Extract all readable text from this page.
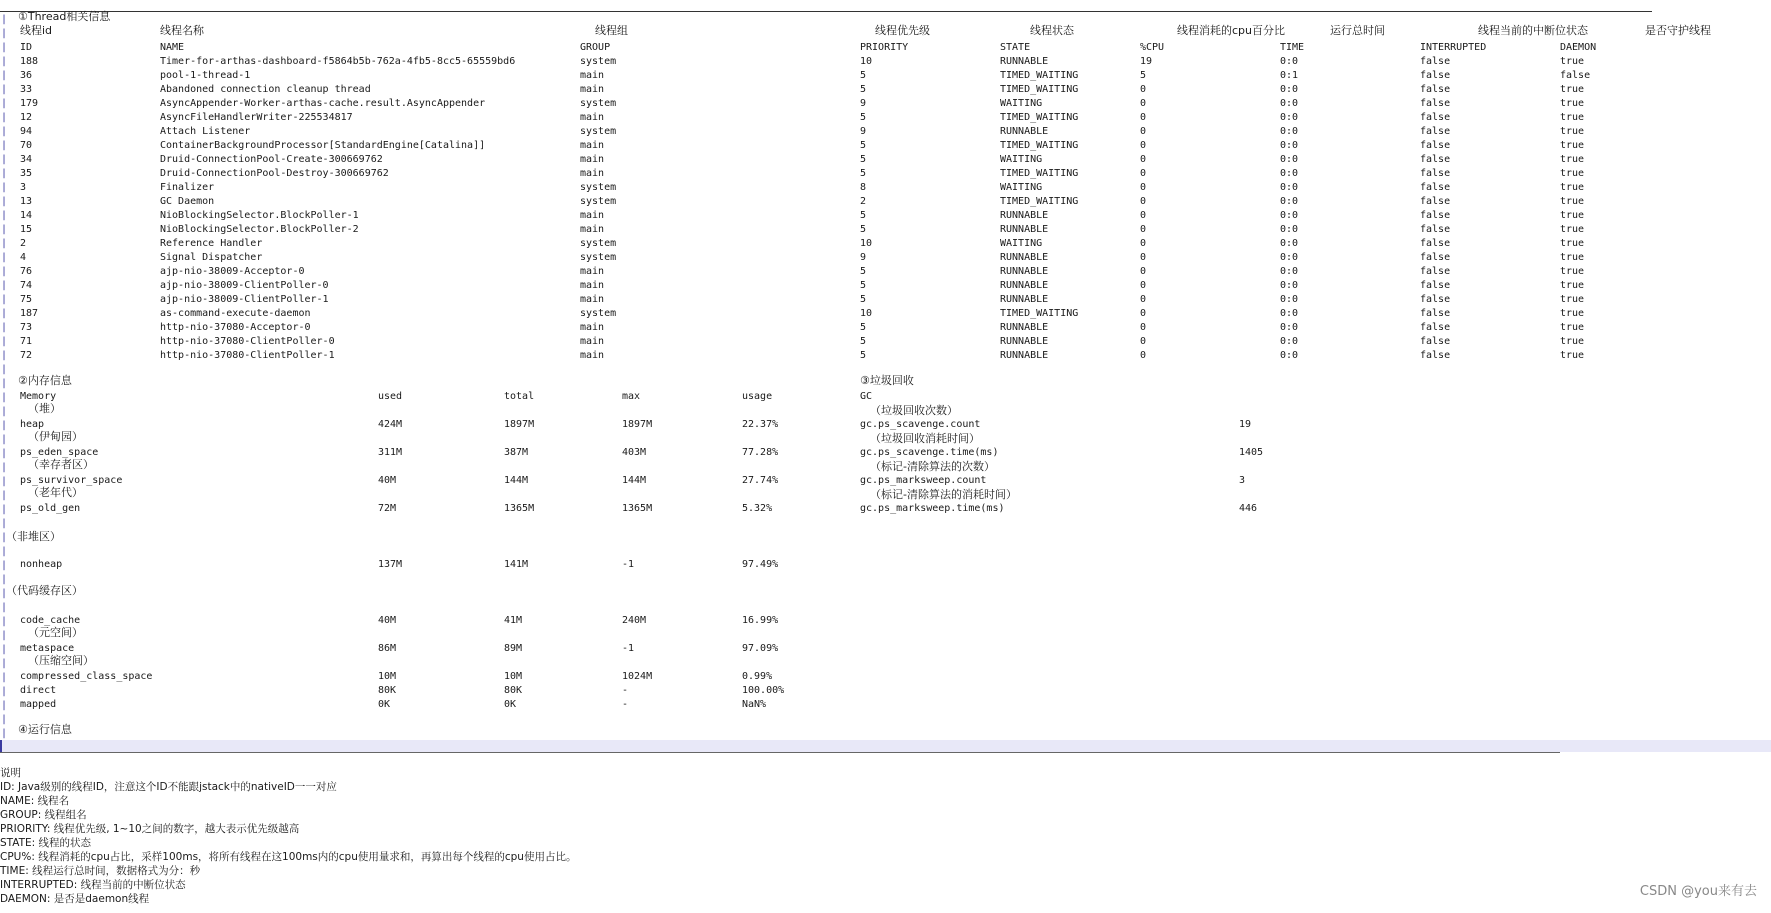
①Thread相关信息
线程id	线程名称	线程组	线程优先级	线程状态	线程消耗的cpu百分比	运行总时间	线程当前的中断位状态	是否守护线程
ID	NAME	GROUP	PRIORITY	STATE	%CPU	TIME	INTERRUPTED	DAEMON
188	Timer-for-arthas-dashboard-f5864b5b-762a-4fb5-8cc5-65559bd6	system	10	RUNNABLE	19	0:0	false	true
36	pool-1-thread-1	main	5	TIMED_WAITING	5	0:1	false	false
33	Abandoned connection cleanup thread	main	5	TIMED_WAITING	0	0:0	false	true
179	AsyncAppender-Worker-arthas-cache.result.AsyncAppender	system	9	WAITING	0	0:0	false	true
12	AsyncFileHandlerWriter-225534817	main	5	TIMED_WAITING	0	0:0	false	true
94	Attach Listener	system	9	RUNNABLE	0	0:0	false	true
70	ContainerBackgroundProcessor[StandardEngine[Catalina]]	main	5	TIMED_WAITING	0	0:0	false	true
34	Druid-ConnectionPool-Create-300669762	main	5	WAITING	0	0:0	false	true
35	Druid-ConnectionPool-Destroy-300669762	main	5	TIMED_WAITING	0	0:0	false	true
3	Finalizer	system	8	WAITING	0	0:0	false	true
13	GC Daemon	system	2	TIMED_WAITING	0	0:0	false	true
14	NioBlockingSelector.BlockPoller-1	main	5	RUNNABLE	0	0:0	false	true
15	NioBlockingSelector.BlockPoller-2	main	5	RUNNABLE	0	0:0	false	true
2	Reference Handler	system	10	WAITING	0	0:0	false	true
4	Signal Dispatcher	system	9	RUNNABLE	0	0:0	false	true
76	ajp-nio-38009-Acceptor-0	main	5	RUNNABLE	0	0:0	false	true
74	ajp-nio-38009-ClientPoller-0	main	5	RUNNABLE	0	0:0	false	true
75	ajp-nio-38009-ClientPoller-1	main	5	RUNNABLE	0	0:0	false	true
187	as-command-execute-daemon	system	10	TIMED_WAITING	0	0:0	false	true
73	http-nio-37080-Acceptor-0	main	5	RUNNABLE	0	0:0	false	true
71	http-nio-37080-ClientPoller-0	main	5	RUNNABLE	0	0:0	false	true
72	http-nio-37080-ClientPoller-1	main	5	RUNNABLE	0	0:0	false	true
②内存信息
Memory	used	total	max	usage
（堆）
heap	424M	1897M	1897M	22.37%
（伊甸园）
ps_eden_space	311M	387M	403M	77.28%
（幸存者区）
ps_survivor_space	40M	144M	144M	27.74%
（老年代）
ps_old_gen	72M	1365M	1365M	5.32%
（非堆区）
nonheap	137M	141M	-1	97.49%
（代码缓存区）
code_cache	40M	41M	240M	16.99%
（元空间）
metaspace	86M	89M	-1	97.09%
（压缩空间）
compressed_class_space	10M	10M	1024M	0.99%
direct	80K	80K	-	100.00%
mapped	0K	0K	-	NaN%
③垃圾回收
GC
（垃圾回收次数）
gc.ps_scavenge.count	19
（垃圾回收消耗时间）
gc.ps_scavenge.time(ms)	1405
（标记-清除算法的次数）
gc.ps_marksweep.count	3
（标记-清除算法的消耗时间）
gc.ps_marksweep.time(ms)	446
④运行信息
|
|
|
|
|
|
|
|
|
|
|
|
|
|
|
|
|
|
|
|
|
|
|
|
|
|
|
|
|
|
|
|
|
|
|
|
|
|
|
|
|
|
|
|
|
|
|
|
|
|
|
|
说明
ID: Java级别的线程ID，注意这个ID不能跟jstack中的nativeID一一对应
NAME: 线程名
GROUP: 线程组名
PRIORITY: 线程优先级, 1~10之间的数字，越大表示优先级越高
STATE: 线程的状态
CPU%: 线程消耗的cpu占比，采样100ms，将所有线程在这100ms内的cpu使用量求和，再算出每个线程的cpu使用占比。
TIME: 线程运行总时间，数据格式为分：秒
INTERRUPTED: 线程当前的中断位状态
DAEMON: 是否是daemon线程	CSDN @you来有去
